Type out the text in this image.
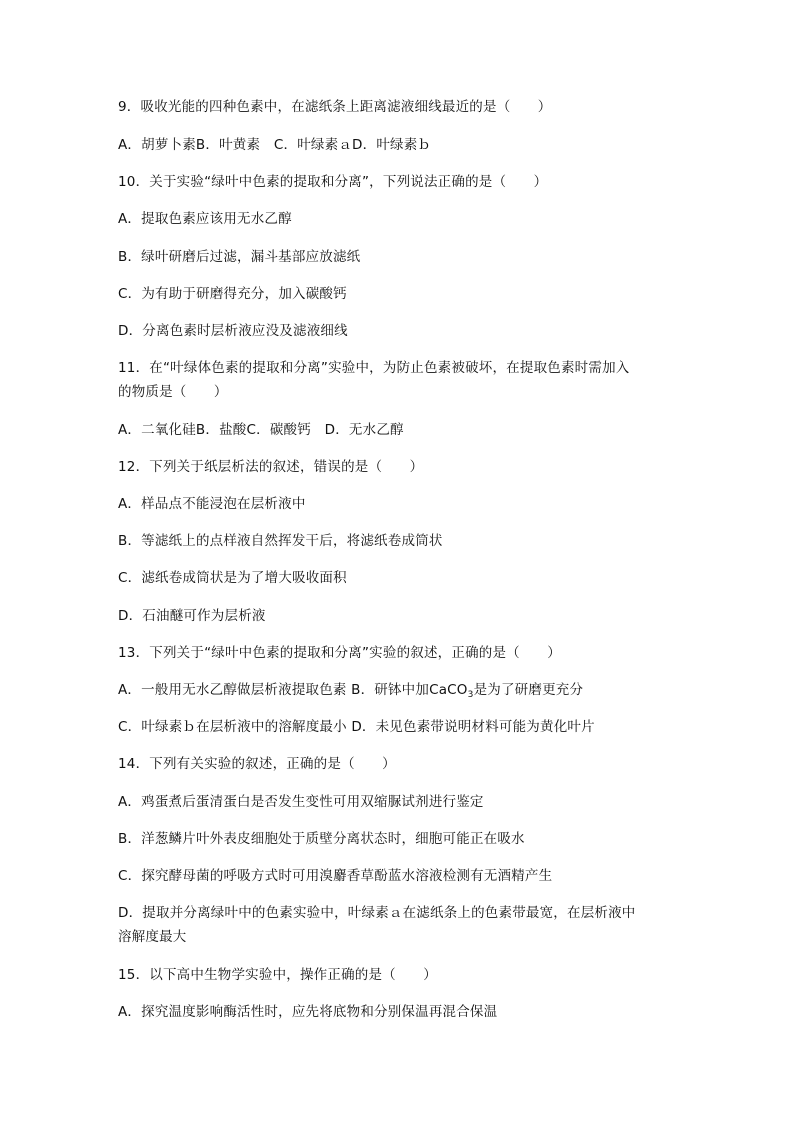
9．吸收光能的四种色素中，在滤纸条上距离滤液细线最近的是（　　）
A．胡萝卜素B．叶黄素　C．叶绿素ａD．叶绿素ｂ
10．关于实验“绿叶中色素的提取和分离”，下列说法正确的是（　　）
A．提取色素应该用无水乙醇
B．绿叶研磨后过滤，漏斗基部应放滤纸
C．为有助于研磨得充分，加入碳酸钙
D．分离色素时层析液应没及滤液细线
11．在“叶绿体色素的提取和分离”实验中，为防止色素被破坏，在提取色素时需加入
的物质是（　　）
A．二氧化硅B．盐酸C．碳酸钙　D．无水乙醇
12．下列关于纸层析法的叙述，错误的是（　　）
A．样品点不能浸泡在层析液中
B．等滤纸上的点样液自然挥发干后，将滤纸卷成筒状
C．滤纸卷成筒状是为了增大吸收面积
D．石油醚可作为层析液
13．下列关于“绿叶中色素的提取和分离”实验的叙述，正确的是（　　）
A．一般用无水乙醇做层析液提取色素 B．研钵中加CaCO$_3$是为了研磨更充分
C．叶绿素ｂ在层析液中的溶解度最小 D．未见色素带说明材料可能为黄化叶片
14．下列有关实验的叙述，正确的是（　　）
A．鸡蛋煮后蛋清蛋白是否发生变性可用双缩脲试剂进行鉴定
B．洋葱鳞片叶外表皮细胞处于质壁分离状态时，细胞可能正在吸水
C．探究酵母菌的呼吸方式时可用溴麝香草酚蓝水溶液检测有无酒精产生
D．提取并分离绿叶中的色素实验中，叶绿素ａ在滤纸条上的色素带最宽，在层析液中
溶解度最大
15．以下高中生物学实验中，操作正确的是（　　）
A．探究温度影响酶活性时，应先将底物和分别保温再混合保温
